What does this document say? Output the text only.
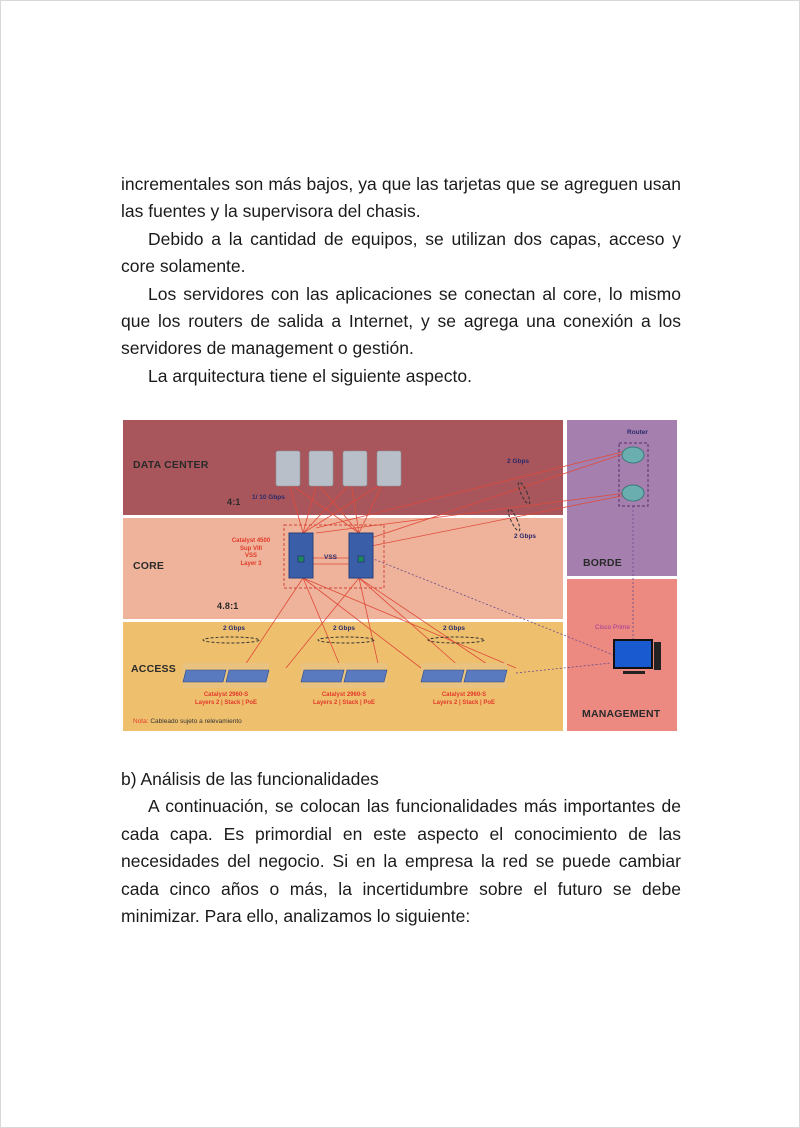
incrementales son más bajos, ya que las tarjetas que se agreguen usan las fuentes y la supervisora del chasis.

Debido a la cantidad de equipos, se utilizan dos capas, acceso y core solamente.

Los servidores con las aplicaciones se conectan al core, lo mismo que los routers de salida a Internet, y se agrega una conexión a los servidores de management o gestión.

La arquitectura tiene el siguiente aspecto.

DATA CENTER
CORE
ACCESS
BORDE
MANAGEMENT
4:1
4.8:1
1/ 10 Gbps
Router
2 Gbps
2 Gbps
2 Gbps	2 Gbps	2 Gbps
VSS
Cisco Prime
Catalyst 4500
Sup VIII
VSS
Layer 3
Catalyst 2960-S
Layers 2 | Stack | PoE
Catalyst 2960-S
Layers 2 | Stack | PoE
Catalyst 2960-S
Layers 2 | Stack | PoE
Nota: Cableado sujeto a relevamiento

b) Análisis de las funcionalidades

A continuación, se colocan las funcionalidades más importantes de cada capa. Es primordial en este aspecto el conocimiento de las necesidades del negocio. Si en la empresa la red se puede cambiar cada cinco años o más, la incertidumbre sobre el futuro se debe minimizar. Para ello, analizamos lo siguiente:
